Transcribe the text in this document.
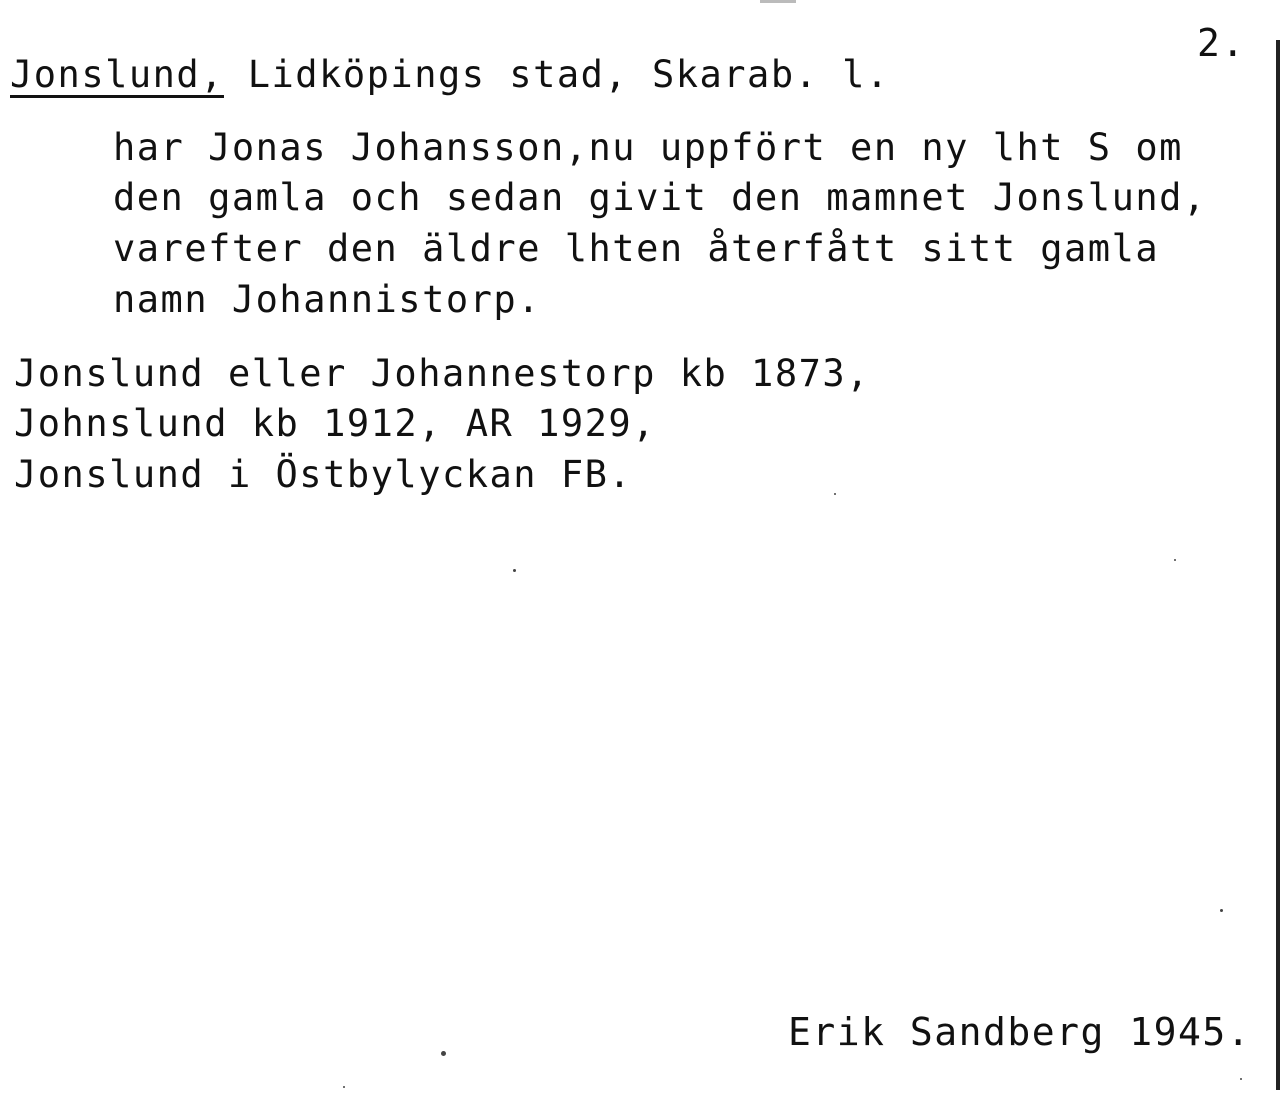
2.
Jonslund, Lidköpings stad, Skarab. l.
har Jonas Johansson,nu uppfört en ny lht S om
den gamla och sedan givit den mamnet Jonslund,
varefter den äldre lhten återfått sitt gamla
namn Johannistorp.
Jonslund eller Johannestorp kb 1873,
Johnslund kb 1912, AR 1929,
Jonslund i Östbylyckan FB.
Erik Sandberg 1945.
